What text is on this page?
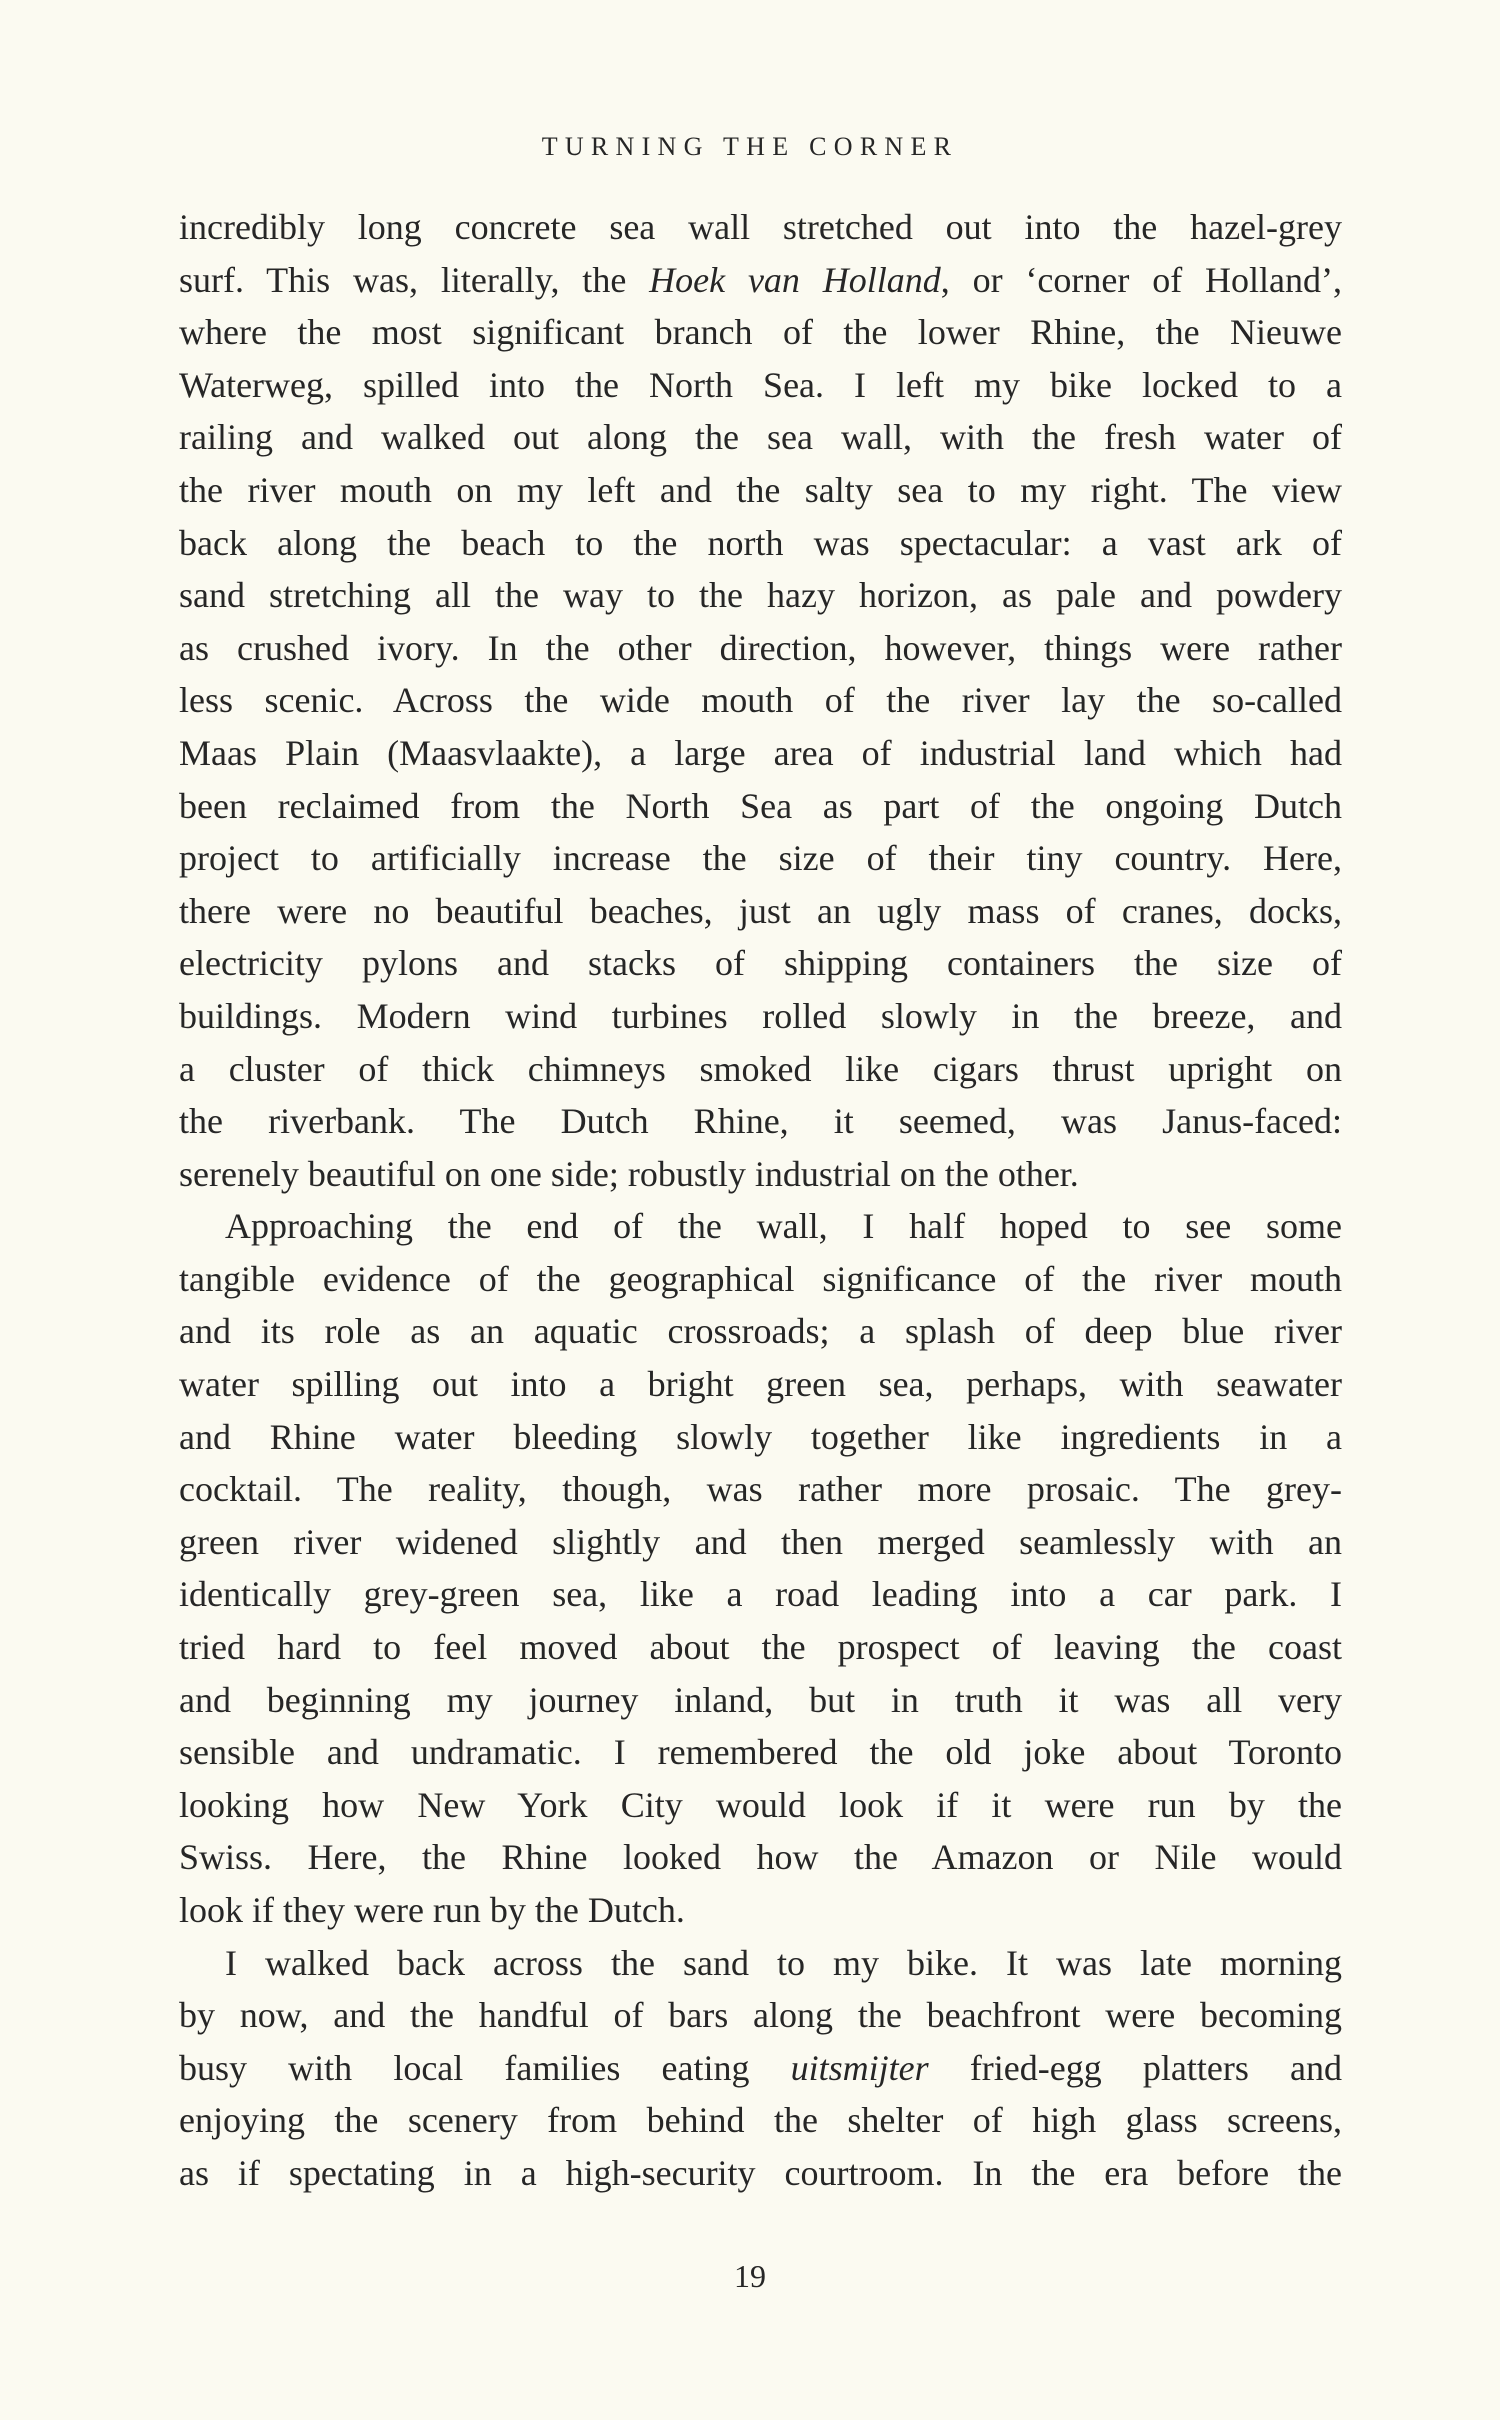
TURNING THE CORNER
incredibly long concrete sea wall stretched out into the hazel-grey
surf. This was, literally, the Hoek van Holland, or ‘corner of Holland’,
where the most significant branch of the lower Rhine, the Nieuwe
Waterweg, spilled into the North Sea. I left my bike locked to a
railing and walked out along the sea wall, with the fresh water of
the river mouth on my left and the salty sea to my right. The view
back along the beach to the north was spectacular: a vast ark of
sand stretching all the way to the hazy horizon, as pale and powdery
as crushed ivory. In the other direction, however, things were rather
less scenic. Across the wide mouth of the river lay the so-called
Maas Plain (Maasvlaakte), a large area of industrial land which had
been reclaimed from the North Sea as part of the ongoing Dutch
project to artificially increase the size of their tiny country. Here,
there were no beautiful beaches, just an ugly mass of cranes, docks,
electricity pylons and stacks of shipping containers the size of
buildings. Modern wind turbines rolled slowly in the breeze, and
a cluster of thick chimneys smoked like cigars thrust upright on
the riverbank. The Dutch Rhine, it seemed, was Janus-faced:
serenely beautiful on one side; robustly industrial on the other.
Approaching the end of the wall, I half hoped to see some
tangible evidence of the geographical significance of the river mouth
and its role as an aquatic crossroads; a splash of deep blue river
water spilling out into a bright green sea, perhaps, with seawater
and Rhine water bleeding slowly together like ingredients in a
cocktail. The reality, though, was rather more prosaic. The grey-
green river widened slightly and then merged seamlessly with an
identically grey-green sea, like a road leading into a car park. I
tried hard to feel moved about the prospect of leaving the coast
and beginning my journey inland, but in truth it was all very
sensible and undramatic. I remembered the old joke about Toronto
looking how New York City would look if it were run by the
Swiss. Here, the Rhine looked how the Amazon or Nile would
look if they were run by the Dutch.
I walked back across the sand to my bike. It was late morning
by now, and the handful of bars along the beachfront were becoming
busy with local families eating uitsmijter fried-egg platters and
enjoying the scenery from behind the shelter of high glass screens,
as if spectating in a high-security courtroom. In the era before the
19
